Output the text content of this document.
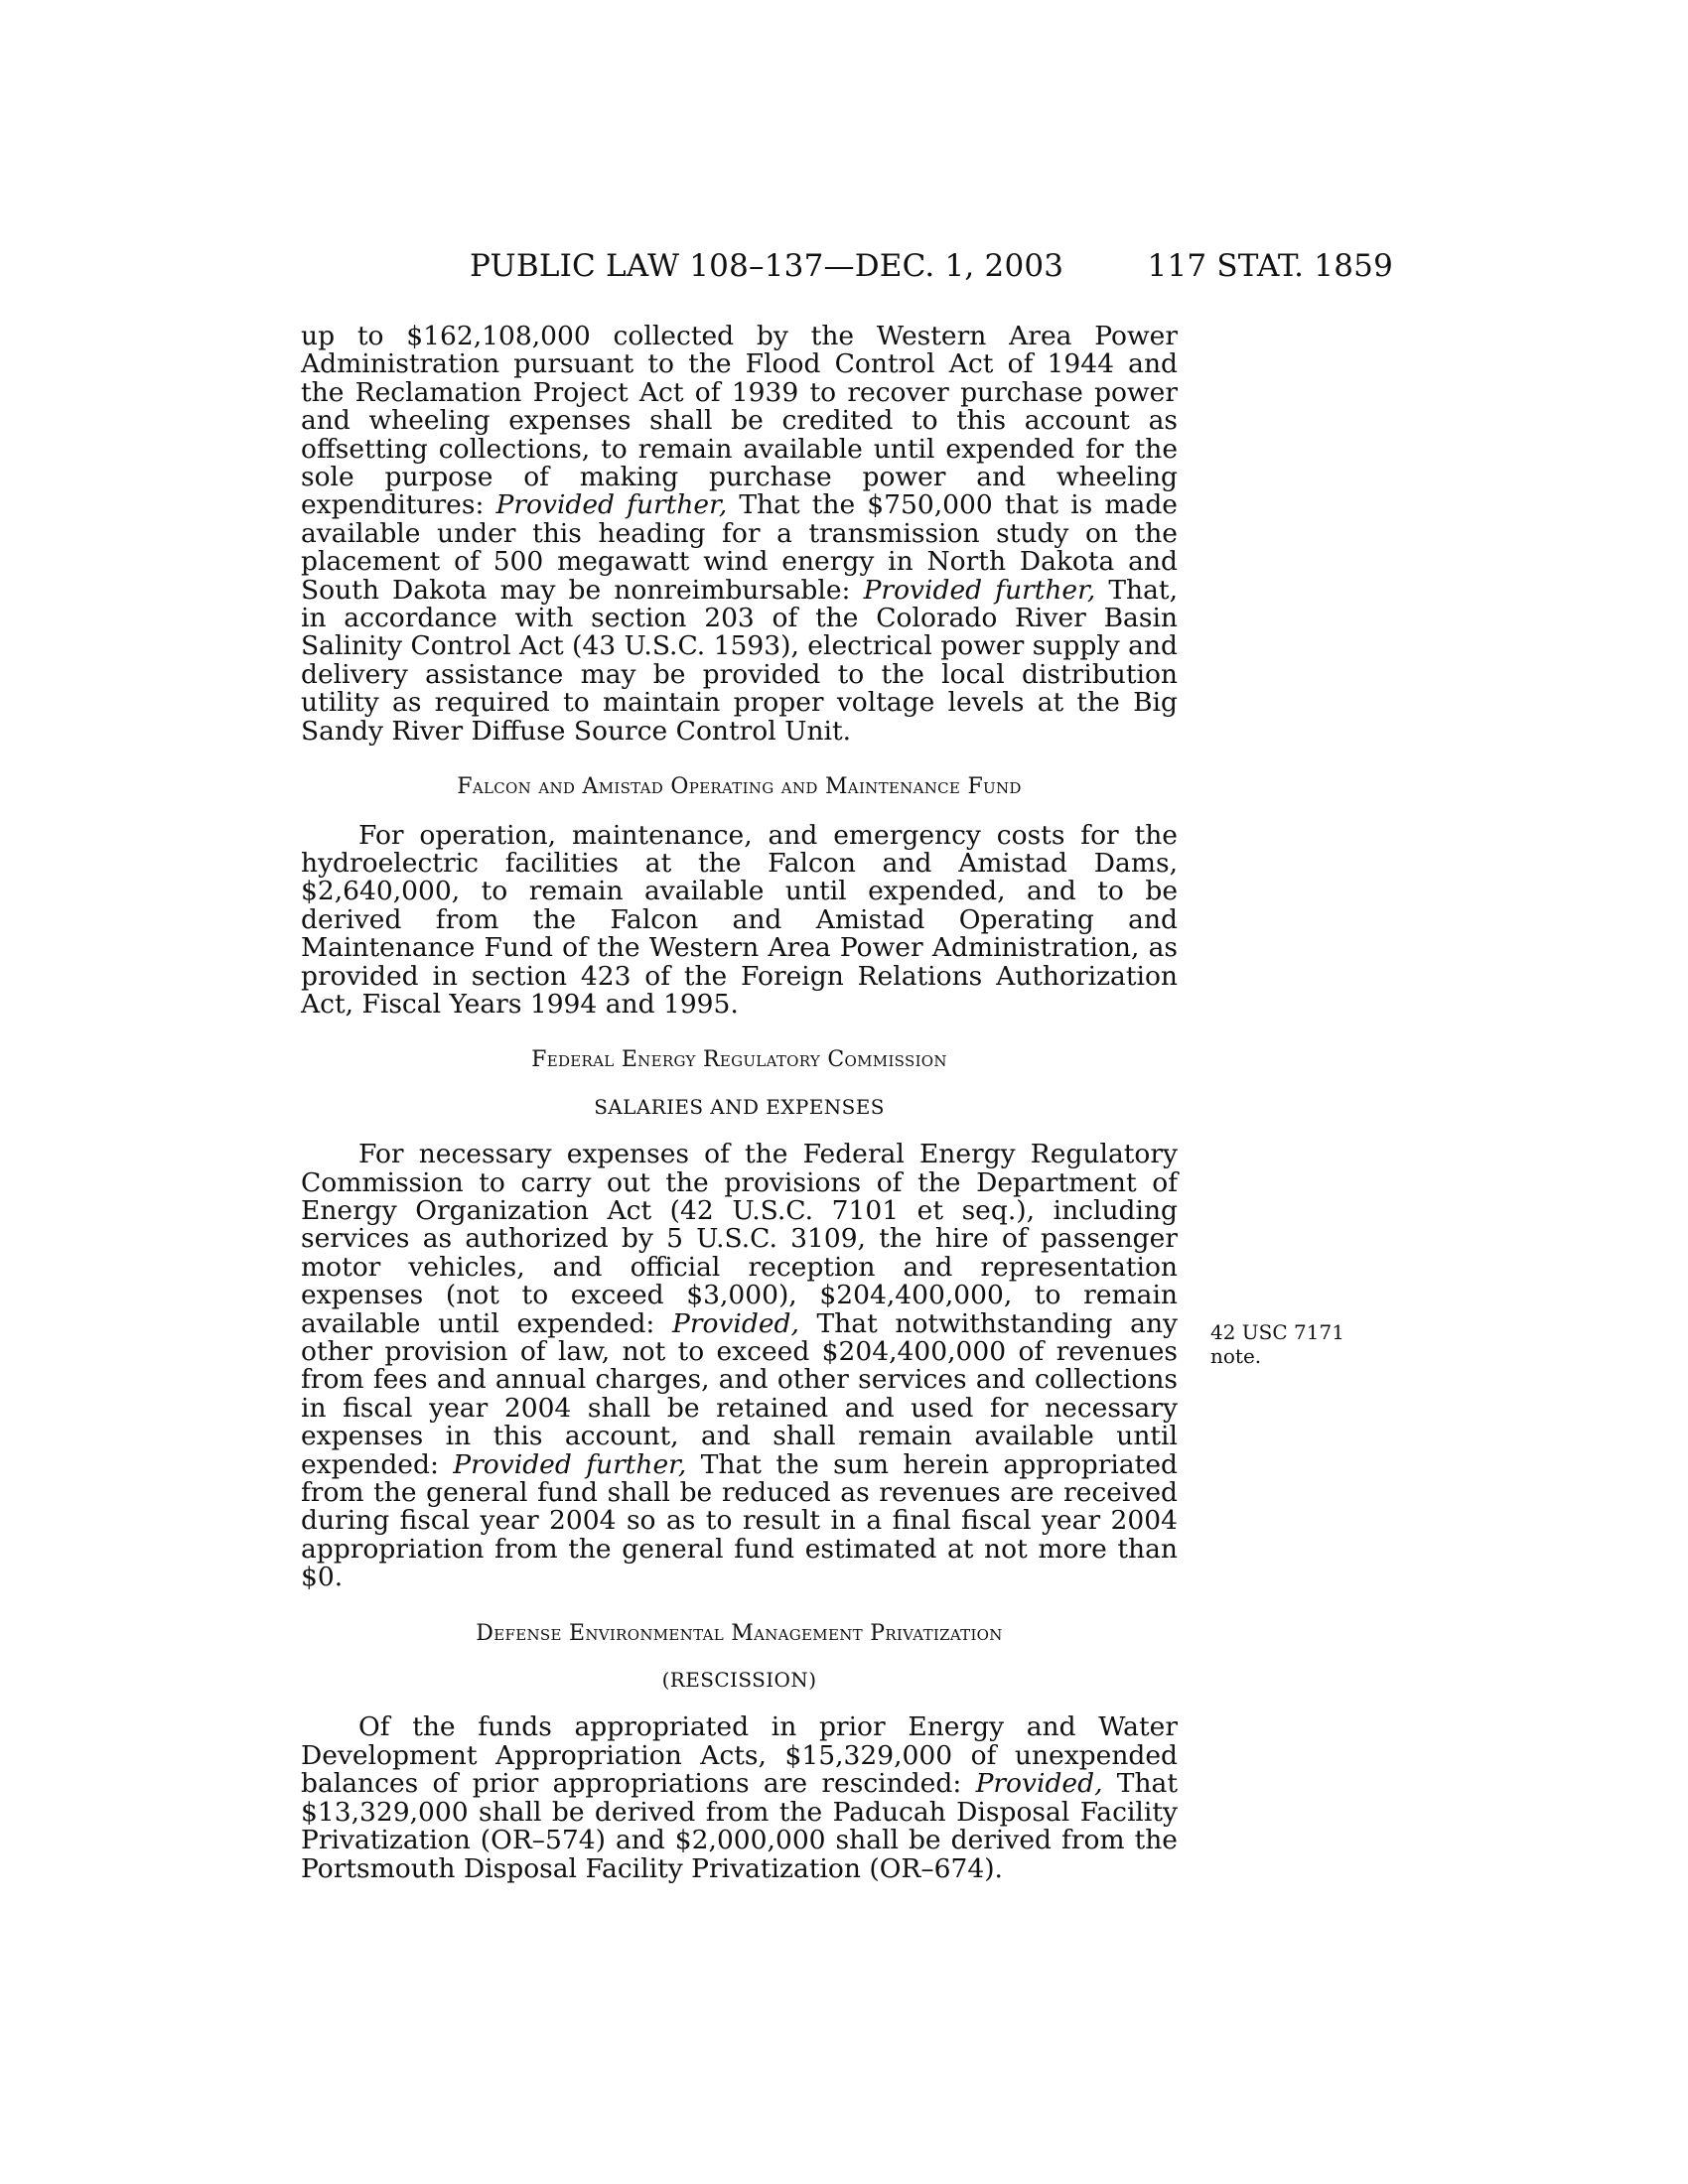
PUBLIC LAW 108–137—DEC. 1, 2003	117 STAT. 1859

up to $162,108,000 collected by the Western Area Power Administration pursuant to the Flood Control Act of 1944 and the Reclamation Project Act of 1939 to recover purchase power and wheeling expenses shall be credited to this account as offsetting collections, to remain available until expended for the sole purpose of making purchase power and wheeling expenditures: Provided further, That the $750,000 that is made available under this heading for a transmission study on the placement of 500 megawatt wind energy in North Dakota and South Dakota may be nonreimbursable: Provided further, That, in accordance with section 203 of the Colorado River Basin Salinity Control Act (43 U.S.C. 1593), electrical power supply and delivery assistance may be provided to the local distribution utility as required to maintain proper voltage levels at the Big Sandy River Diffuse Source Control Unit.

Falcon and Amistad Operating and Maintenance Fund

For operation, maintenance, and emergency costs for the hydroelectric facilities at the Falcon and Amistad Dams, $2,640,000, to remain available until expended, and to be derived from the Falcon and Amistad Operating and Maintenance Fund of the Western Area Power Administration, as provided in section 423 of the Foreign Relations Authorization Act, Fiscal Years 1994 and 1995.

Federal Energy Regulatory Commission

SALARIES AND EXPENSES

For necessary expenses of the Federal Energy Regulatory Commission to carry out the provisions of the Department of Energy Organization Act (42 U.S.C. 7101 et seq.), including services as authorized by 5 U.S.C. 3109, the hire of passenger motor vehicles, and official reception and representation expenses (not to exceed $3,000), $204,400,000, to remain available until expended: Provided, That notwithstanding any other provision of law, not to exceed $204,400,000 of revenues from fees and annual charges, and other services and collections in fiscal year 2004 shall be retained and used for necessary expenses in this account, and shall remain available until expended: Provided further, That the sum herein appropriated from the general fund shall be reduced as revenues are received during fiscal year 2004 so as to result in a final fiscal year 2004 appropriation from the general fund estimated at not more than $0.

Defense Environmental Management Privatization

(RESCISSION)

Of the funds appropriated in prior Energy and Water Development Appropriation Acts, $15,329,000 of unexpended balances of prior appropriations are rescinded: Provided, That $13,329,000 shall be derived from the Paducah Disposal Facility Privatization (OR–574) and $2,000,000 shall be derived from the Portsmouth Disposal Facility Privatization (OR–674).

42 USC 7171 note.
